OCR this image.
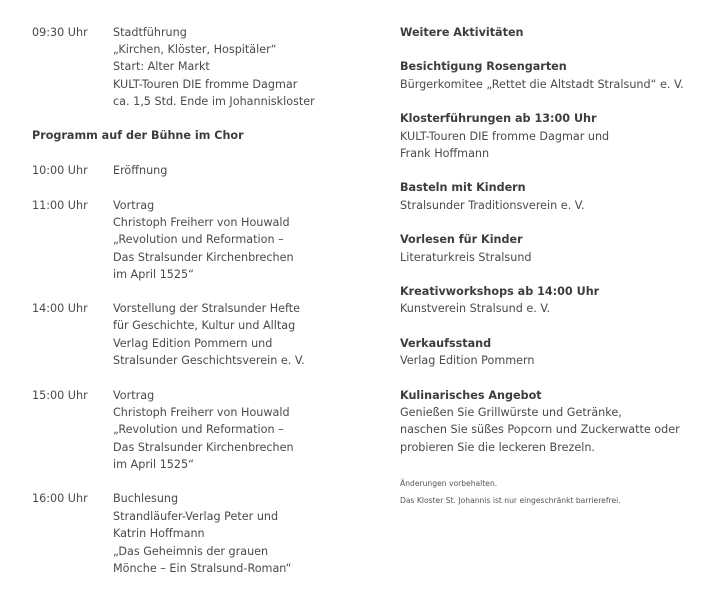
09:30 Uhr Stadtführung
„Kirchen, Klöster, Hospitäler“
Start: Alter Markt
KULT-Touren DIE fromme Dagmar
ca. 1,5 Std. Ende im Johanniskloster
Programm auf der Bühne im Chor
10:00 Uhr Eröffnung
11:00 Uhr Vortrag
Christoph Freiherr von Houwald
„Revolution und Reformation –
Das Stralsunder Kirchenbrechen
im April 1525“
14:00 Uhr Vorstellung der Stralsunder Hefte
für Geschichte, Kultur und Alltag
Verlag Edition Pommern und
Stralsunder Geschichtsverein e. V.
15:00 Uhr Vortrag
Christoph Freiherr von Houwald
„Revolution und Reformation –
Das Stralsunder Kirchenbrechen
im April 1525“
16:00 Uhr Buchlesung
Strandläufer-Verlag Peter und
Katrin Hoffmann
„Das Geheimnis der grauen
Mönche – Ein Stralsund-Roman“
Weitere Aktivitäten
Besichtigung Rosengarten
Bürgerkomitee „Rettet die Altstadt Stralsund“ e. V.
Klosterführungen ab 13:00 Uhr
KULT-Touren DIE fromme Dagmar und
Frank Hoffmann
Basteln mit Kindern
Stralsunder Traditionsverein e. V.
Vorlesen für Kinder
Literaturkreis Stralsund
Kreativworkshops ab 14:00 Uhr
Kunstverein Stralsund e. V.
Verkaufsstand
Verlag Edition Pommern
Kulinarisches Angebot
Genießen Sie Grillwürste und Getränke,
naschen Sie süßes Popcorn und Zuckerwatte oder
probieren Sie die leckeren Brezeln.
Änderungen vorbehalten.
Das Kloster St. Johannis ist nur eingeschränkt barrierefrei.
